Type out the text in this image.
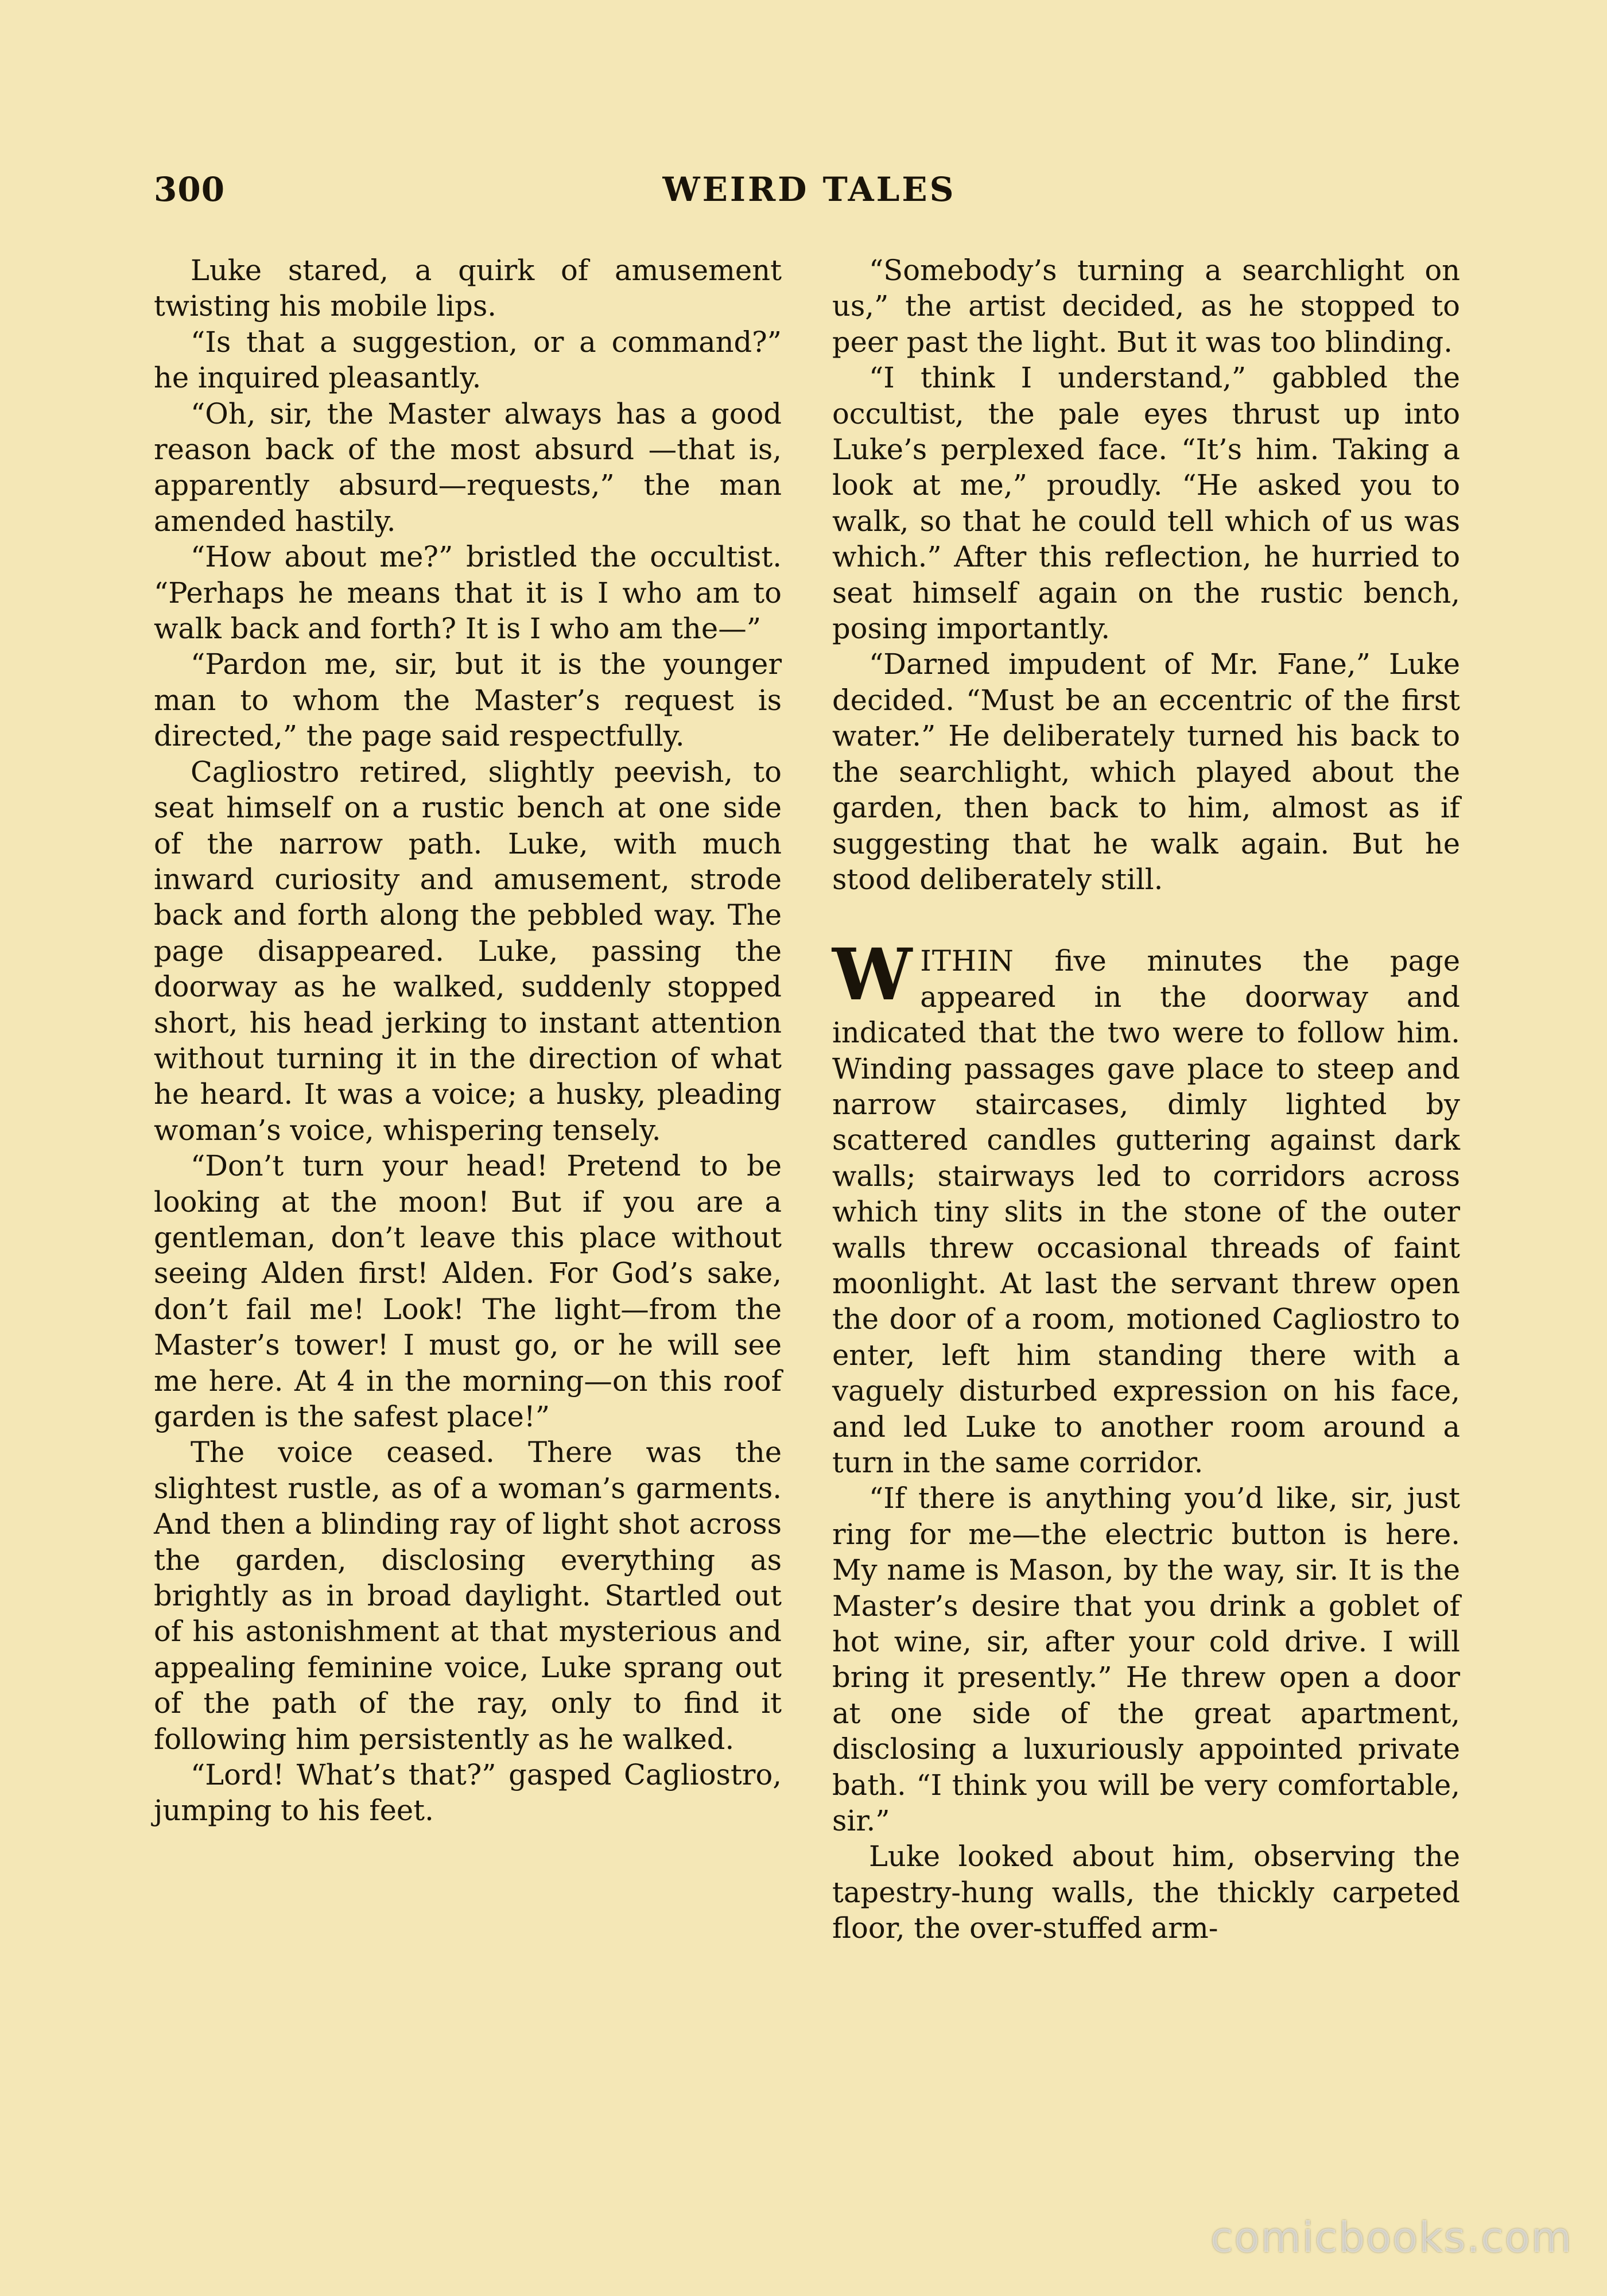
300	WEIRD TALES

Luke stared, a quirk of amusement twisting his mobile lips.

“Is that a suggestion, or a command?” he inquired pleasantly.

“Oh, sir, the Master always has a good reason back of the most absurd —that is, apparently absurd—requests,” the man amended hastily.

“How about me?” bristled the occultist. “Perhaps he means that it is I who am to walk back and forth? It is I who am the—”

“Pardon me, sir, but it is the younger man to whom the Master’s request is directed,” the page said respectfully.

Cagliostro retired, slightly peevish, to seat himself on a rustic bench at one side of the narrow path. Luke, with much inward curiosity and amusement, strode back and forth along the pebbled way. The page disappeared. Luke, passing the doorway as he walked, suddenly stopped short, his head jerking to instant attention without turning it in the direction of what he heard. It was a voice; a husky, pleading woman’s voice, whispering tensely.

“Don’t turn your head! Pretend to be looking at the moon! But if you are a gentleman, don’t leave this place without seeing Alden first! Alden. For God’s sake, don’t fail me! Look! The light—from the Master’s tower! I must go, or he will see me here. At 4 in the morning—on this roof garden is the safest place!”

The voice ceased. There was the slightest rustle, as of a woman’s garments. And then a blinding ray of light shot across the garden, disclosing everything as brightly as in broad daylight. Startled out of his astonishment at that mysterious and appealing feminine voice, Luke sprang out of the path of the ray, only to find it following him persistently as he walked.

“Lord! What’s that?” gasped Cagliostro, jumping to his feet.

“Somebody’s turning a searchlight on us,” the artist decided, as he stopped to peer past the light. But it was too blinding.

“I think I understand,” gabbled the occultist, the pale eyes thrust up into Luke’s perplexed face. “It’s him. Taking a look at me,” proudly. “He asked you to walk, so that he could tell which of us was which.” After this reflection, he hurried to seat himself again on the rustic bench, posing importantly.

“Darned impudent of Mr. Fane,” Luke decided. “Must be an eccentric of the first water.” He deliberately turned his back to the searchlight, which played about the garden, then back to him, almost as if suggesting that he walk again. But he stood deliberately still.

WITHIN five minutes the page appeared in the doorway and indicated that the two were to follow him. Winding passages gave place to steep and narrow staircases, dimly lighted by scattered candles guttering against dark walls; stairways led to corridors across which tiny slits in the stone of the outer walls threw occasional threads of faint moonlight. At last the servant threw open the door of a room, motioned Cagliostro to enter, left him standing there with a vaguely disturbed expression on his face, and led Luke to another room around a turn in the same corridor.

“If there is anything you’d like, sir, just ring for me—the electric button is here. My name is Mason, by the way, sir. It is the Master’s desire that you drink a goblet of hot wine, sir, after your cold drive. I will bring it presently.” He threw open a door at one side of the great apartment, disclosing a luxuriously appointed private bath. “I think you will be very comfortable, sir.”

Luke looked about him, observing the tapestry-hung walls, the thickly carpeted floor, the over-stuffed arm-

comicbooks.com
